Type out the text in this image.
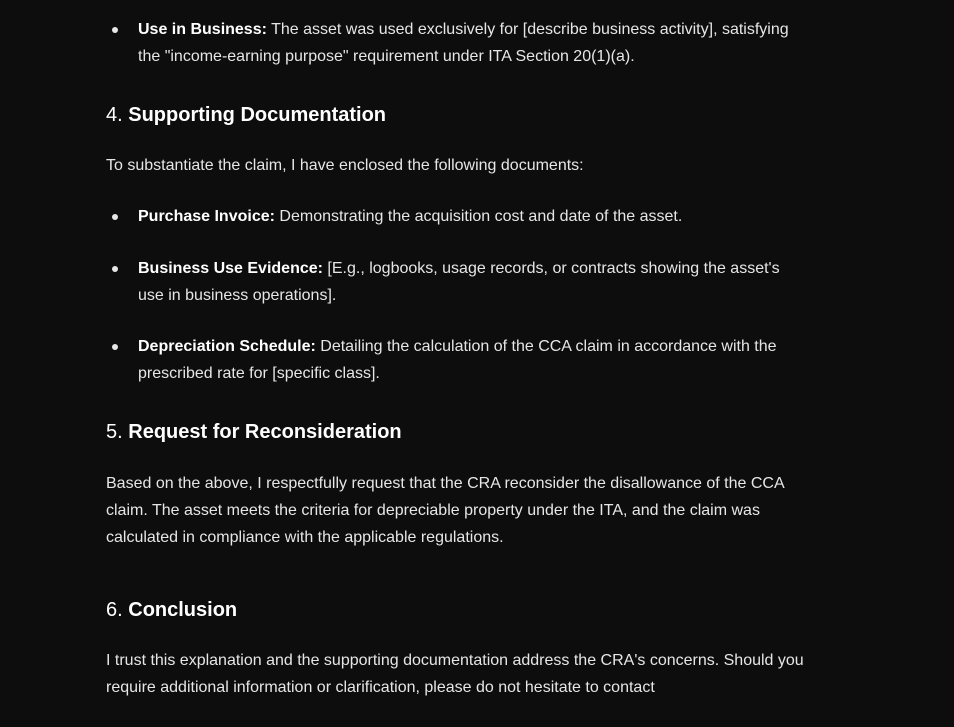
Use in Business: The asset was used exclusively for [describe business activity], satisfying the "income-earning purpose" requirement under ITA Section 20(1)(a).
4. Supporting Documentation

To substantiate the claim, I have enclosed the following documents:

Purchase Invoice: Demonstrating the acquisition cost and date of the asset.
Business Use Evidence: [E.g., logbooks, usage records, or contracts showing the asset's use in business operations].
Depreciation Schedule: Detailing the calculation of the CCA claim in accordance with the prescribed rate for [specific class].
5. Request for Reconsideration

Based on the above, I respectfully request that the CRA reconsider the disallowance of the CCA claim. The asset meets the criteria for depreciable property under the ITA, and the claim was calculated in compliance with the applicable regulations.

6. Conclusion

I trust this explanation and the supporting documentation address the CRA's concerns. Should you require additional information or clarification, please do not hesitate to contact
